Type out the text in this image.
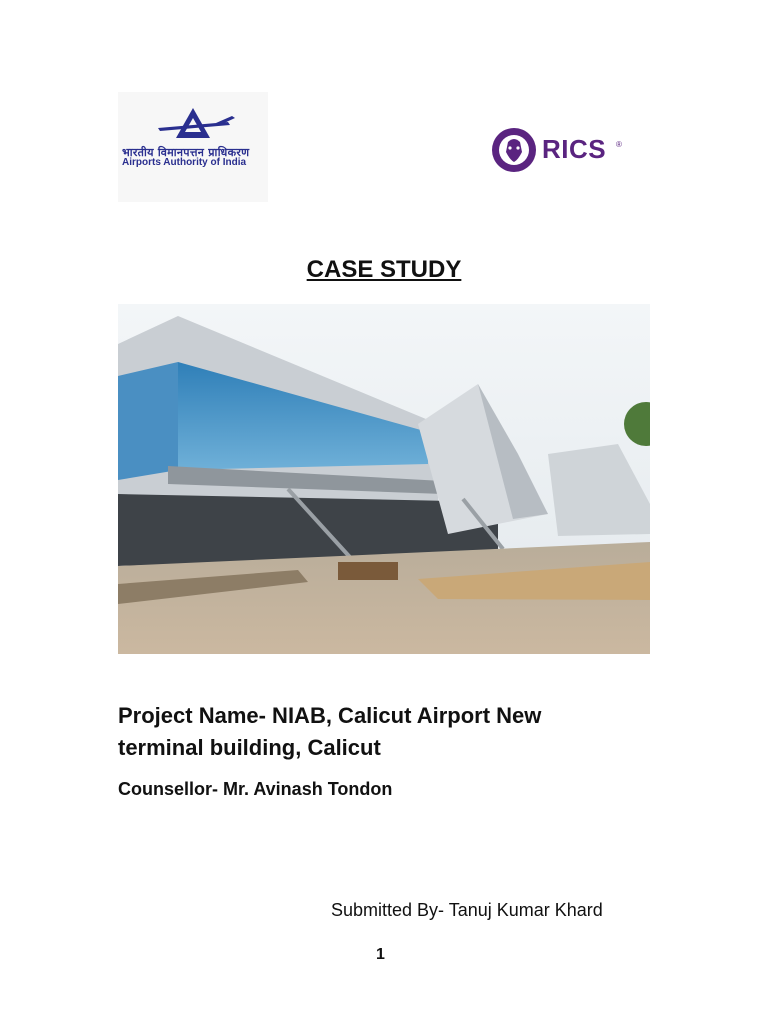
भारतीय विमानपत्तन प्राधिकरण
Airports Authority of India	RICS ®
CASE STUDY
Project Name- NIAB, Calicut Airport New terminal building, Calicut
Counsellor- Mr. Avinash Tondon
Submitted By- Tanuj Kumar Khard
1
